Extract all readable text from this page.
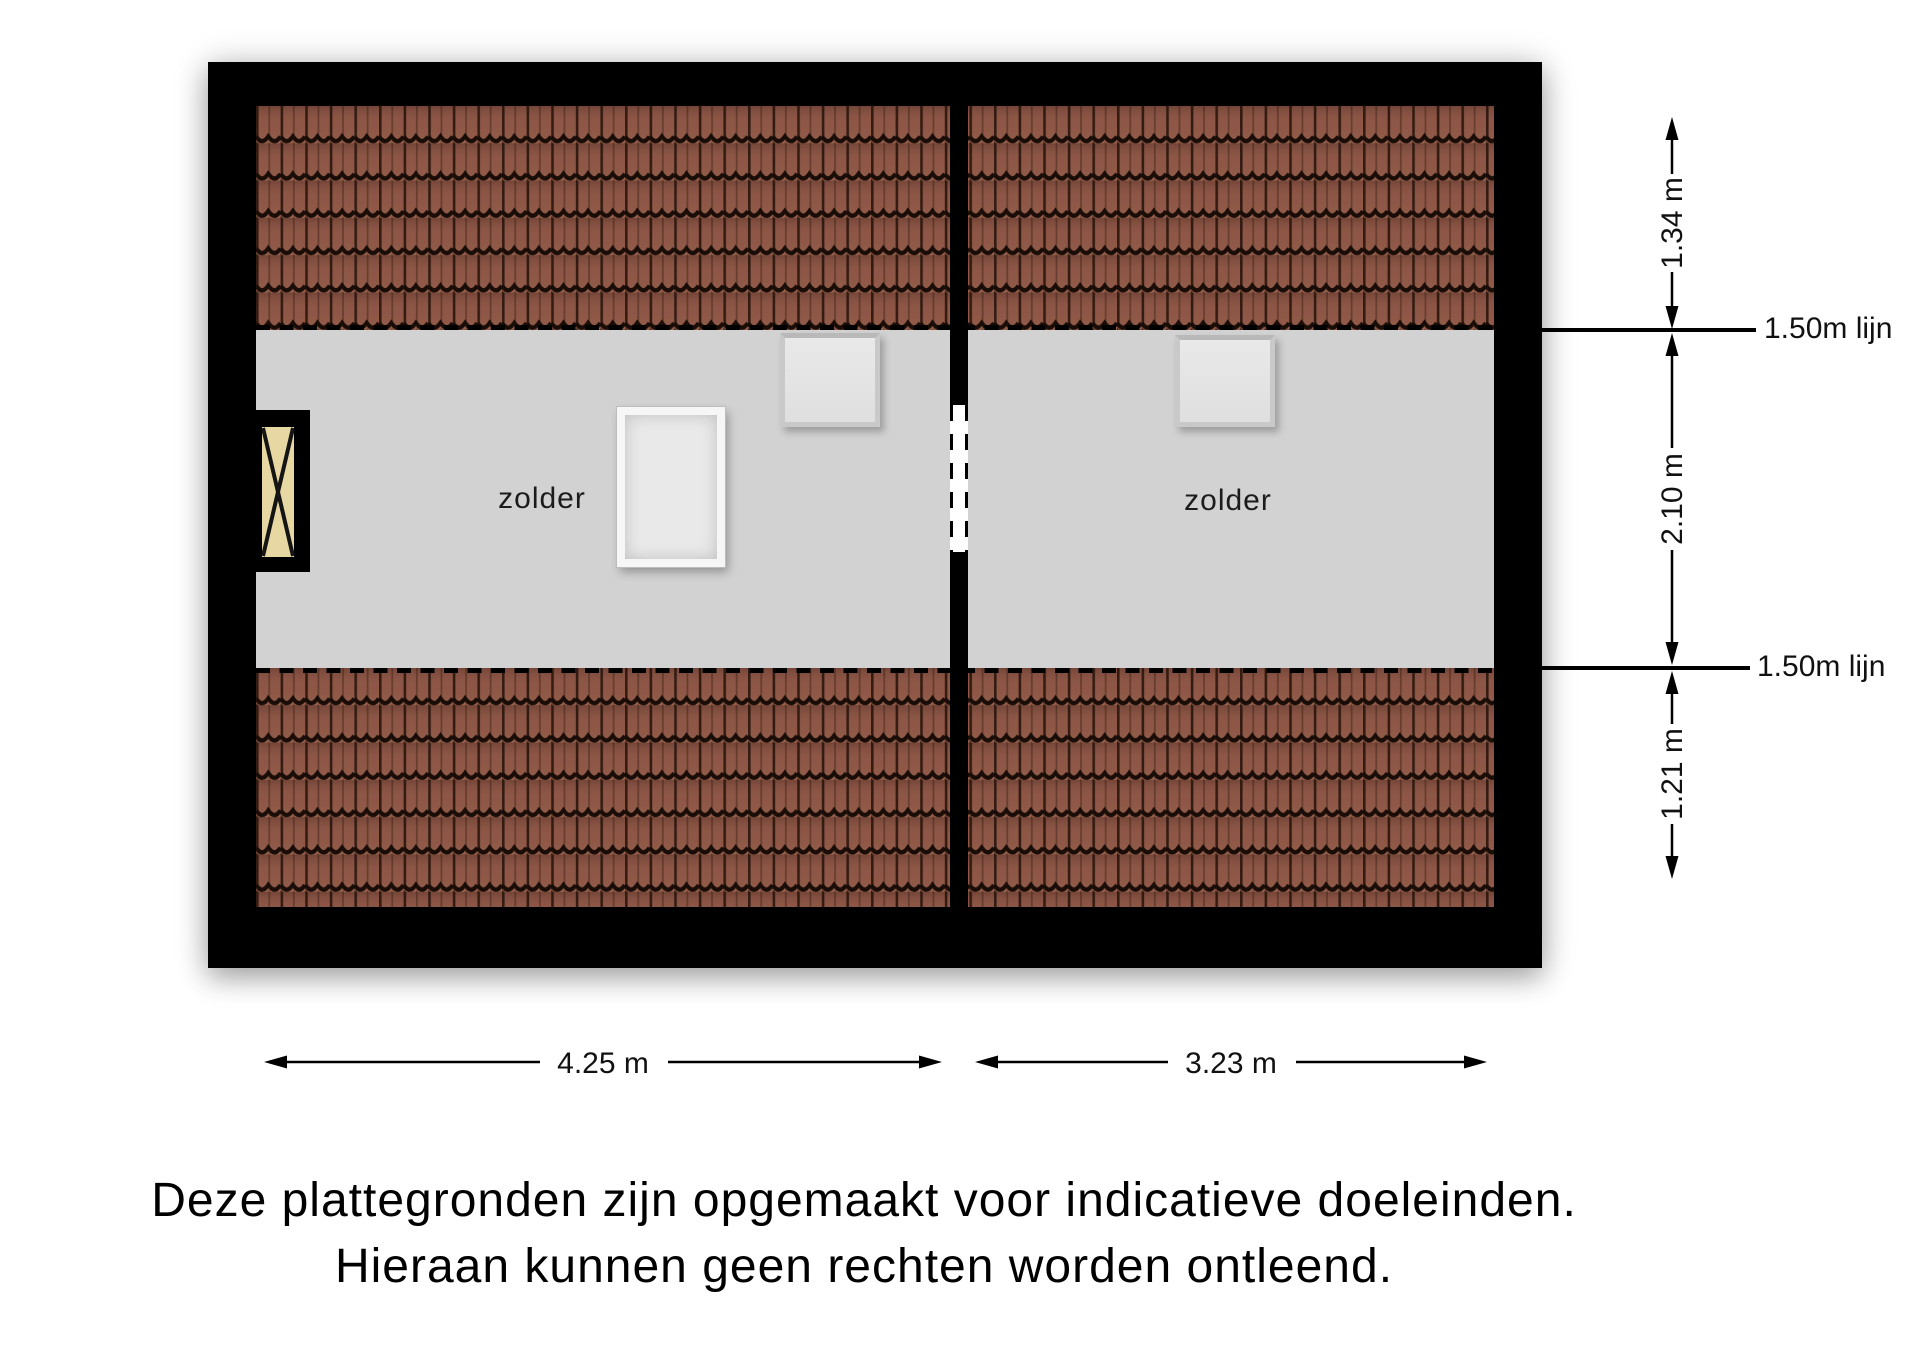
zolder	zolder
1.34 m
1.50m lijn
2.10 m
1.50m lijn
1.21 m
4.25 m	3.23 m
Deze plattegronden zijn opgemaakt voor indicatieve doeleinden.
Hieraan kunnen geen rechten worden ontleend.
